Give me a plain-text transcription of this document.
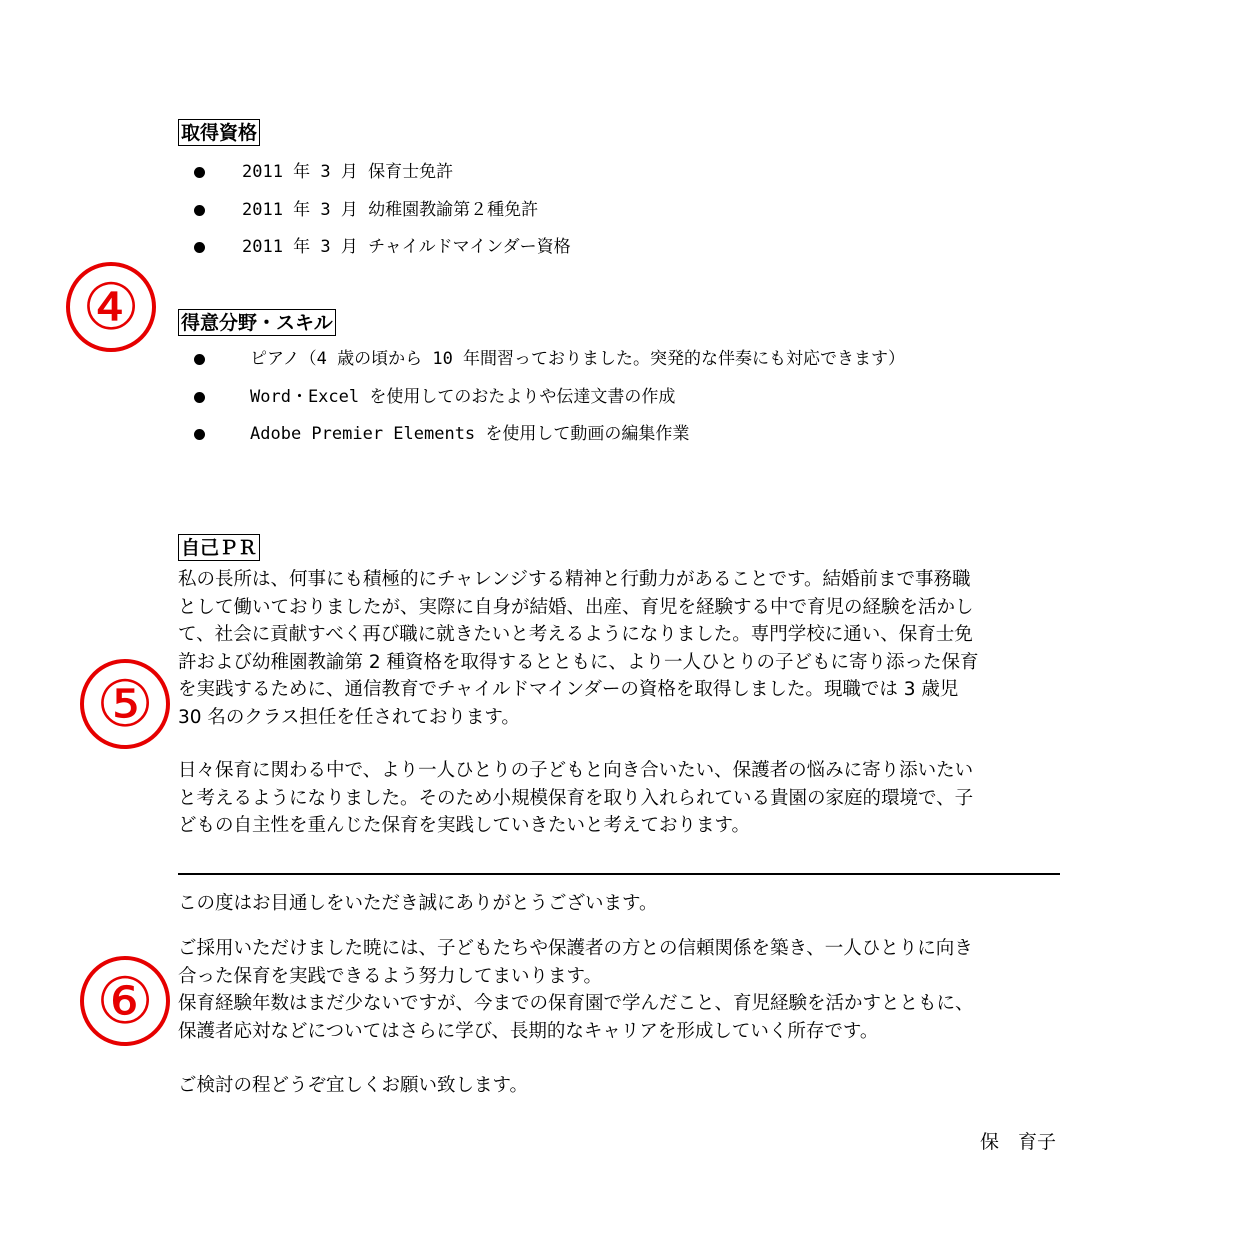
取得資格
2011 年 3 月 保育士免許
2011 年 3 月 幼稚園教諭第２種免許
2011 年 3 月 チャイルドマインダー資格
④	得意分野・スキル
ピアノ（4 歳の頃から 10 年間習っておりました。突発的な伴奏にも対応できます）
Word・Excel を使用してのおたよりや伝達文書の作成
Adobe Premier Elements を使用して動画の編集作業
自己ＰＲ
⑤
私の長所は、何事にも積極的にチャレンジする精神と行動力があることです。結婚前まで事務職
として働いておりましたが、実際に自身が結婚、出産、育児を経験する中で育児の経験を活かし
て、社会に貢献すべく再び職に就きたいと考えるようになりました。専門学校に通い、保育士免
許および幼稚園教諭第 2 種資格を取得するとともに、より一人ひとりの子どもに寄り添った保育
を実践するために、通信教育でチャイルドマインダーの資格を取得しました。現職では 3 歳児
30 名のクラス担任を任されております。
日々保育に関わる中で、より一人ひとりの子どもと向き合いたい、保護者の悩みに寄り添いたい
と考えるようになりました。そのため小規模保育を取り入れられている貴園の家庭的環境で、子
どもの自主性を重んじた保育を実践していきたいと考えております。
この度はお目通しをいただき誠にありがとうございます。
⑥
ご採用いただけました暁には、子どもたちや保護者の方との信頼関係を築き、一人ひとりに向き
合った保育を実践できるよう努力してまいります。
保育経験年数はまだ少ないですが、今までの保育園で学んだこと、育児経験を活かすとともに、
保護者応対などについてはさらに学び、長期的なキャリアを形成していく所存です。
ご検討の程どうぞ宜しくお願い致します。
保　育子
